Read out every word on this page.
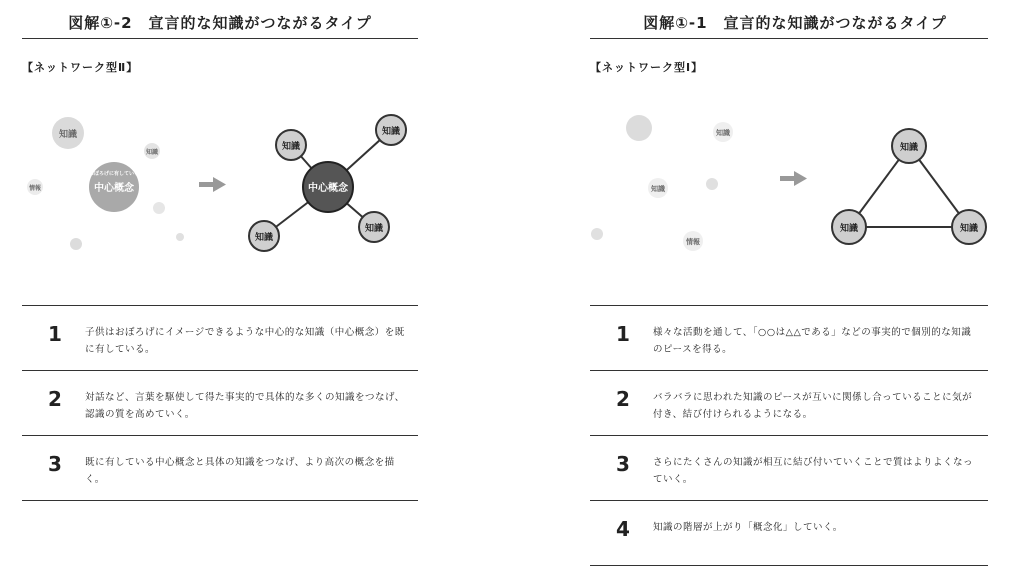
図解①-2　宣言的な知識がつながるタイプ
【ネットワーク型Ⅱ】
知識
知識
情報
おぼろげに有している
中心概念
知識
知識
知識
知識
中心概念
1 子供はおぼろげにイメージできるような中心的な知識（中心概念）を既に有している。
2 対話など、言葉を駆使して得た事実的で具体的な多くの知識をつなげ、認識の質を高めていく。
3 既に有している中心概念と具体の知識をつなげ、より高次の概念を描く。
図解①-1　宣言的な知識がつながるタイプ
【ネットワーク型Ⅰ】
知識
知識
情報
知識
知識	知識
1 様々な活動を通して、「○○は△△である」などの事実的で個別的な知識のピースを得る。
2 バラバラに思われた知識のピースが互いに関係し合っていることに気が付き、結び付けられるようになる。
3 さらにたくさんの知識が相互に結び付いていくことで質はよりよくなっていく。
4 知識の階層が上がり「概念化」していく。
